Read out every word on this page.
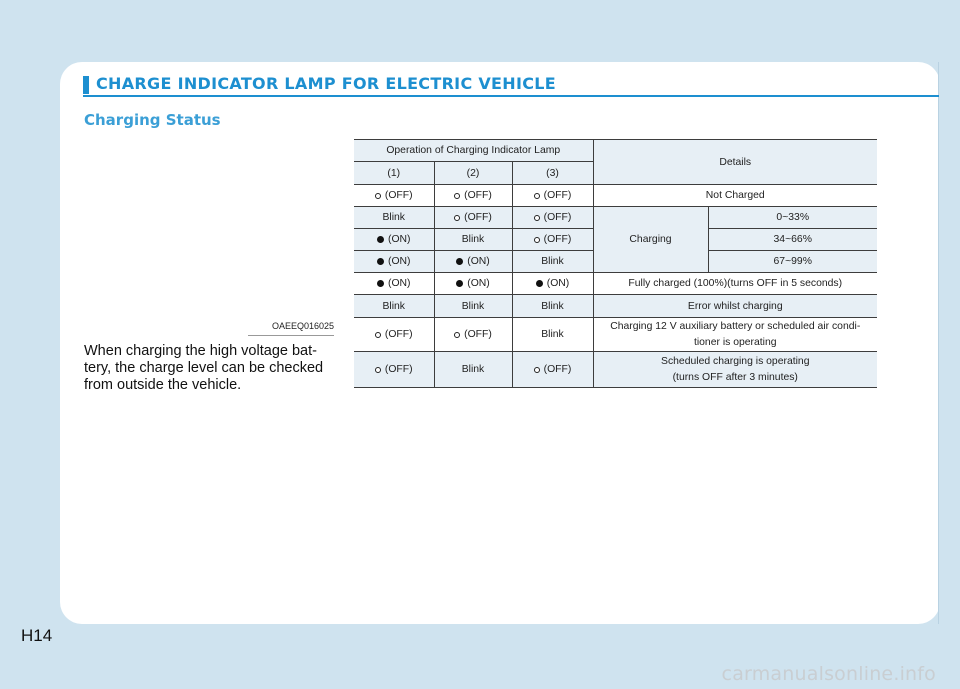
CHARGE INDICATOR LAMP FOR ELECTRIC VEHICLE
Charging Status
OAEEQ016025
When charging the high voltage bat-
tery, the charge level can be checked
from outside the vehicle.
Operation of Charging Indicator Lamp			Details	
(1)	(2)	(3)		
(OFF)	(OFF)	(OFF)	Not Charged	
Blink	(OFF)	(OFF)	Charging	0~33%
(ON)	Blink	(OFF)		34~66%
(ON)	(ON)	Blink		67~99%
(ON)	(ON)	(ON)	Fully charged (100%)(turns OFF in 5 seconds)	
Blink	Blink	Blink	Error whilst charging	
(OFF)	(OFF)	Blink	Charging 12 V auxiliary battery or scheduled air condi-
tioner is operating	
(OFF)	Blink	(OFF)	Scheduled charging is operating
(turns OFF after 3 minutes)	
H14
carmanualsonline.info
